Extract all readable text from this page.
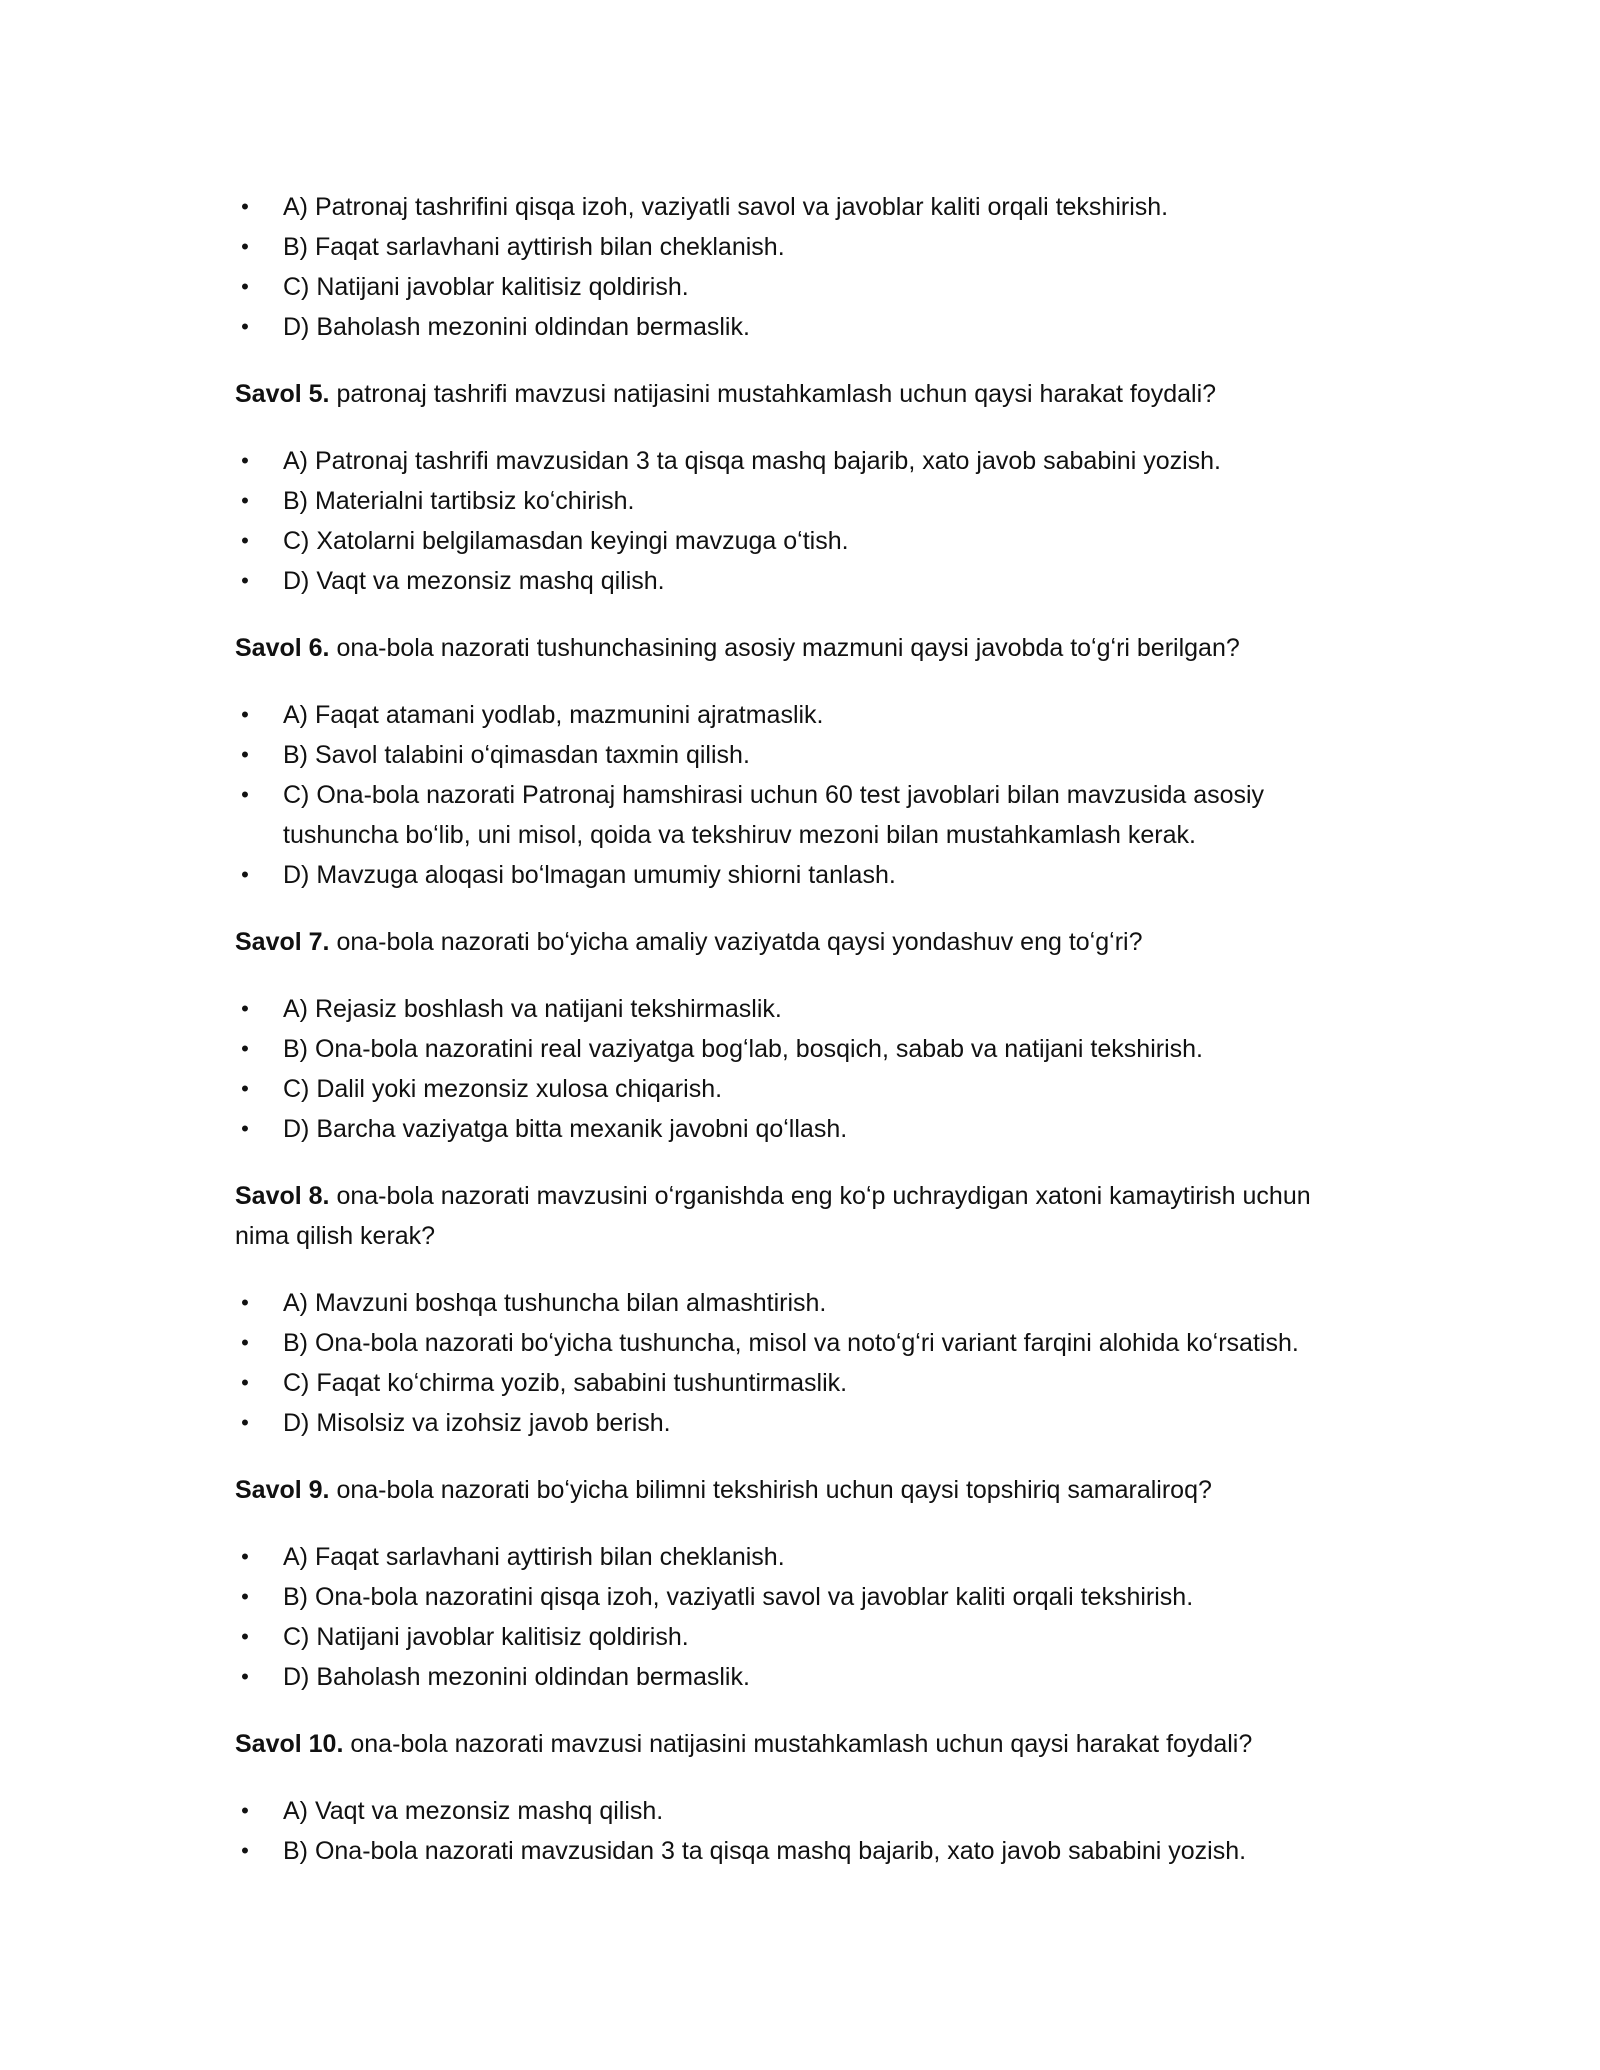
• A) Patronaj tashrifini qisqa izoh, vaziyatli savol va javoblar kaliti orqali tekshirish.
• B) Faqat sarlavhani ayttirish bilan cheklanish.
• C) Natijani javoblar kalitisiz qoldirish.
• D) Baholash mezonini oldindan bermaslik.

Savol 5. patronaj tashrifi mavzusi natijasini mustahkamlash uchun qaysi harakat foydali?

• A) Patronaj tashrifi mavzusidan 3 ta qisqa mashq bajarib, xato javob sababini yozish.
• B) Materialni tartibsiz koʻchirish.
• C) Xatolarni belgilamasdan keyingi mavzuga oʻtish.
• D) Vaqt va mezonsiz mashq qilish.

Savol 6. ona-bola nazorati tushunchasining asosiy mazmuni qaysi javobda toʻgʻri berilgan?

• A) Faqat atamani yodlab, mazmunini ajratmaslik.
• B) Savol talabini oʻqimasdan taxmin qilish.
• C) Ona-bola nazorati Patronaj hamshirasi uchun 60 test javoblari bilan mavzusida asosiy tushuncha boʻlib, uni misol, qoida va tekshiruv mezoni bilan mustahkamlash kerak.
• D) Mavzuga aloqasi boʻlmagan umumiy shiorni tanlash.

Savol 7. ona-bola nazorati boʻyicha amaliy vaziyatda qaysi yondashuv eng toʻgʻri?

• A) Rejasiz boshlash va natijani tekshirmaslik.
• B) Ona-bola nazoratini real vaziyatga bogʻlab, bosqich, sabab va natijani tekshirish.
• C) Dalil yoki mezonsiz xulosa chiqarish.
• D) Barcha vaziyatga bitta mexanik javobni qoʻllash.

Savol 8. ona-bola nazorati mavzusini oʻrganishda eng koʻp uchraydigan xatoni kamaytirish uchun nima qilish kerak?

• A) Mavzuni boshqa tushuncha bilan almashtirish.
• B) Ona-bola nazorati boʻyicha tushuncha, misol va notoʻgʻri variant farqini alohida koʻrsatish.
• C) Faqat koʻchirma yozib, sababini tushuntirmaslik.
• D) Misolsiz va izohsiz javob berish.

Savol 9. ona-bola nazorati boʻyicha bilimni tekshirish uchun qaysi topshiriq samaraliroq?

• A) Faqat sarlavhani ayttirish bilan cheklanish.
• B) Ona-bola nazoratini qisqa izoh, vaziyatli savol va javoblar kaliti orqali tekshirish.
• C) Natijani javoblar kalitisiz qoldirish.
• D) Baholash mezonini oldindan bermaslik.

Savol 10. ona-bola nazorati mavzusi natijasini mustahkamlash uchun qaysi harakat foydali?

• A) Vaqt va mezonsiz mashq qilish.
• B) Ona-bola nazorati mavzusidan 3 ta qisqa mashq bajarib, xato javob sababini yozish.
